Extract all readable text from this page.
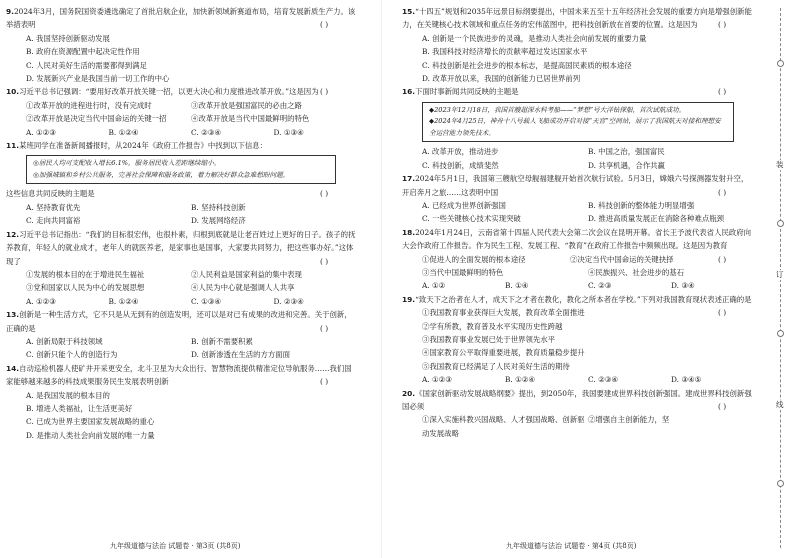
9.2024年3月，国务院国资委遴选确定了首批启航企业，加快新领域新赛道布局，培育发展新质生产力。该举措表明	( )
A. 我国坚持创新驱动发展
B. 政府在资源配置中起决定性作用
C. 人民对美好生活的需要都得到满足
D. 发展新兴产业是我国当前一切工作的中心
10.习近平总书记强调：“要用好改革开放关键一招，以更大决心和力度推进改革开放。”这是因为 ( )
①改革开放的进程进行时，没有完成时	③改革开放是强国富民的必由之路
②改革开放是决定当代中国命运的关键一招	④改革开放是当代中国最鲜明的特色
A. ①②③	B. ①②④	C. ②③④	D. ①③④
11.某班同学在准备新闻播报时，从2024年《政府工作报告》中找到以下信息：
◎居民人均可支配收入增长6.1%，服务居民收入差距继续缩小。
◎加强城镇和乡村公共服务，完善社会保障和服务政策，着力解决好群众急难愁盼问题。
这些信息共同反映的主题是	( )
A. 坚持教育优先	B. 坚持科技创新
C. 走向共同富裕	D. 发展网络经济
12.习近平总书记指出：“我们的目标很宏伟，也很朴素，归根到底就是让老百姓过上更好的日子。孩子的抚养教育，年轻人的就业成才，老年人的就医养老，是家事也是国事，大家要共同努力，把这些事办好。”这体现了	( )
①发展的根本目的在于增进民生福祉	②人民利益是国家利益的集中表现
③党和国家以人民为中心的发展思想	④人民为中心就是强调人人共享
A. ①②③	B. ①②④	C. ①③④	D. ②③④
13.创新是一种生活方式，它不只是从无到有的创造发明，还可以是对已有成果的改进和完善。关于创新，正确的是	( )
A. 创新局限于科技领域	B. 创新不需要积累
C. 创新只能个人的创造行为	D. 创新渗透在生活的方方面面
14.自动巡检机器人使矿井开采更安全，北斗卫星为大众出行、智慧物流提供精准定位导航服务……我们国家能够越来越多的科技成果服务民生发展表明创新	( )
A. 是我国发展的根本目的
B. 增进人类福祉，让生活更美好
C. 已成为世界主要国家发展战略的重心
D. 是推动人类社会向前发展的唯一力量
九年级道德与法治 试题卷 · 第3页 (共8页)
15.“十四五”规划和2035年远景目标纲要提出，中国未来五至十五年经济社会发展的重要方向是增强创新能力，在关键核心技术领域和重点任务的宏伟蓝图中，把科技创新放在首要的位置。这是因为	( )
A. 创新是一个民族进步的灵魂，是推动人类社会向前发展的重要力量
B. 我国科技对经济增长的贡献率超过发达国家水平
C. 科技创新是社会进步的根本标志，是提高国民素质的根本途径
D. 改革开放以来，我国的创新能力已居世界前列
16.下面时事新闻共同反映的主题是	( )
◆2023年12月18日，我国首艘超深水科考船——“梦想”号大洋钻探船，首次试航成功。
◆2024年4月25日，神舟十八号载人飞船成功开启对接“天宫”空间站，展示了我国航天对接和理想安全运营能力领先技术。
A. 改革开放，推动进步	B. 中国之治，强国富民
C. 科技创新，成绩斐然	D. 共享机遇，合作共赢
17.2024年5月1日，我国第三艘航空母舰福建舰开始首次航行试验。5月3日，嫦娥六号探测器发射升空，开启奔月之旅……这表明中国	( )
A. 已经成为世界创新强国	B. 科技创新的整体能力明显增强
C. 一些关键核心技术实现突破	D. 推进高质量发展正在消除各种难点瓶颈
18.2024年1月24日，云南省第十四届人民代表大会第二次会议在昆明开幕。省长王予波代表省人民政府向大会作政府工作报告。作为民生工程、发展工程、“教育”在政府工作报告中频频出现。这是因为教育
( )
①促进人的全面发展的根本途径	②决定当代中国命运的关键抉择
③当代中国最鲜明的特色	④民族振兴、社会进步的基石
A. ①②	B. ①④	C. ②③	D. ③④
19.“致天下之治者在人才，成天下之才者在教化，教化之所本者在学校。”下列对我国教育现状表述正确的是
( )
①我国教育事业获得巨大发展，教育改革全面推进
②学有所教，教育普及水平实现历史性跨越
③我国教育事业发展已处于世界领先水平
④国家教育公平取得重要进展，教育质量稳步提升
⑤我国教育已经满足了人民对美好生活的期待
A. ①②③	B. ①②④	C. ②③④	D. ③④⑤
20.《国家创新驱动发展战略纲要》提出，到2050年，我国要建成世界科技创新强国。建成世界科技创新强国必须	( )
①深入实施科教兴国战略、人才强国战略、创新驱动发展战略
②增强自主创新能力，坚
九年级道德与法治 试题卷 · 第4页 (共8页)
装
订
线
